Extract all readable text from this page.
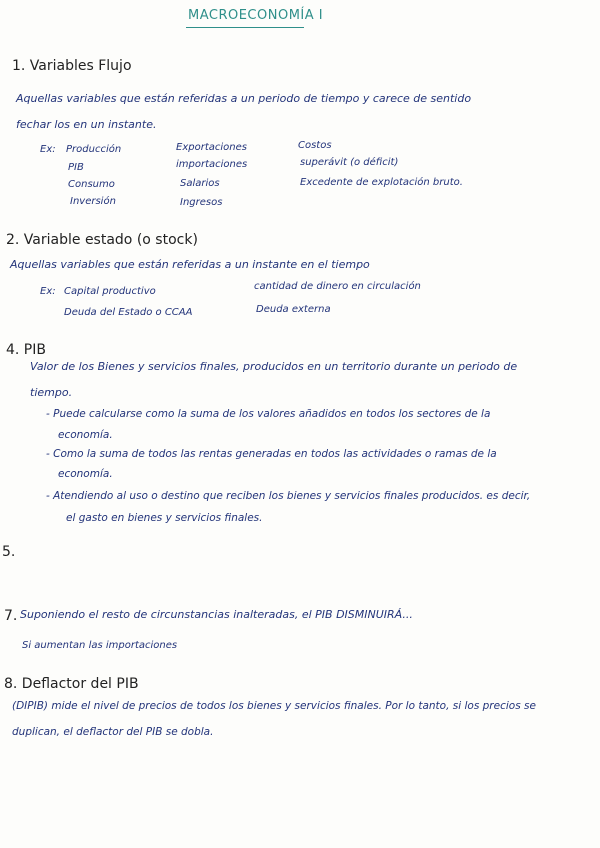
MACROECONOMÍA I
1. Variables Flujo
Aquellas variables que están referidas a un periodo de tiempo y carece de sentido
fechar los en un instante.
Ex: Producción
PIB
Consumo
Inversión
Exportaciones
importaciones
Salarios
Ingresos
Costos
superávit (o déficit)
Excedente de explotación bruto.
2. Variable estado (o stock)
Aquellas variables que están referidas a un instante en el tiempo
Ex: Capital productivo
Deuda del Estado o CCAA
cantidad de dinero en circulación
Deuda externa
4. PIB
Valor de los Bienes y servicios finales, producidos en un territorio durante un periodo de
tiempo.
- Puede calcularse como la suma de los valores añadidos en todos los sectores de la
economía.
- Como la suma de todos las rentas generadas en todos las actividades o ramas de la
economía.
- Atendiendo al uso o destino que reciben los bienes y servicios finales producidos. es decir,
el gasto en bienes y servicios finales.
5.
7. Suponiendo el resto de circunstancias inalteradas, el PIB DISMINUIRÁ...
Si aumentan las importaciones
8. Deflactor del PIB
(DIPIB) mide el nivel de precios de todos los bienes y servicios finales. Por lo tanto, si los precios se
duplican, el deflactor del PIB se dobla.
